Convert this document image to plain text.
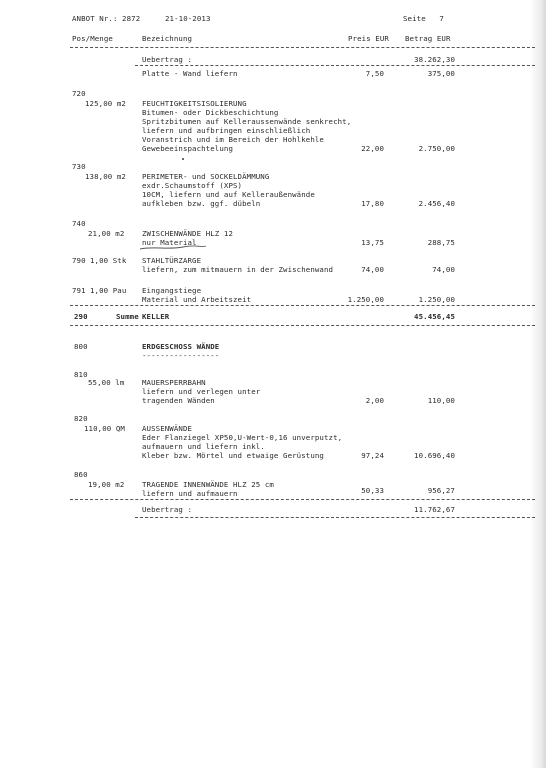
ANBOT Nr.: 2872	21-10-2013	Seite   7
Pos/Menge	Bezeichnung	Preis EUR Betrag EUR
Uebertrag :	38.262,30
Platte - Wand liefern	7,50	375,00
720
125,00 m2 FEUCHTIGKEITSISOLIERUNG
Bitumen- oder Dickbeschichtung
Spritzbitumen auf Kelleraussenwände senkrecht,
liefern und aufbringen einschließlich
Voranstrich und im Bereich der Hohlkehle
Gewebeeinspachtelung	22,00	2.750,00
730
138,00 m2 PERIMETER- und SOCKELDÄMMUNG
exdr.Schaumstoff (XPS)
10CM, liefern und auf Kelleraußenwände
aufkleben bzw. ggf. dübeln	17,80	2.456,40
740
21,00 m2 ZWISCHENWÄNDE HLZ 12
nur Material	13,75	288,75
790 1,00 Stk STAHLTÜRZARGE
liefern, zum mitmauern in der Zwischenwand	74,00	74,00
791 1,00 Pau Eingangstiege
Material und Arbeitszeit	1.250,00	1.250,00
290	Summe KELLER	45.456,45
800	ERDGESCHOSS WÄNDE
-----------------
810
55,00 lm MAUERSPERRBAHN
liefern und verlegen unter
tragenden Wänden	2,00	110,00
820
110,00 QM AUSSENWÄNDE
Eder Flanziegel XP50,U-Wert-0,16 unverputzt,
aufmauern und liefern inkl.
Kleber bzw. Mörtel und etwaige Gerüstung	97,24	10.696,40
860
19,00 m2 TRAGENDE INNENWÄNDE HLZ 25 cm
liefern und aufmauern	50,33	956,27
Uebertrag :	11.762,67
